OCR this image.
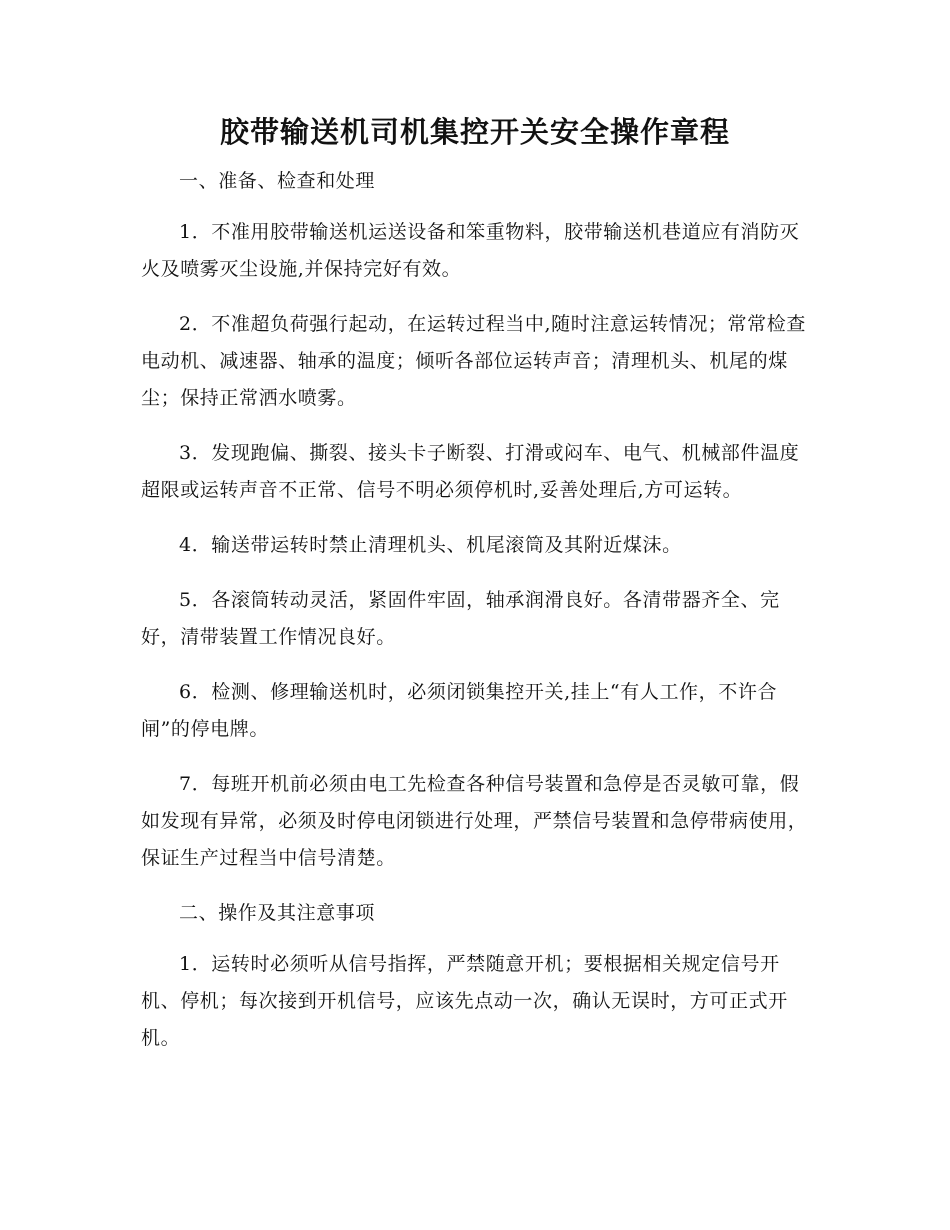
胶带输送机司机集控开关安全操作章程

一、准备、检查和处理

1．不准用胶带输送机运送设备和笨重物料，胶带输送机巷道应有消防灭火及喷雾灭尘设施,并保持完好有效。

2．不准超负荷强行起动，在运转过程当中,随时注意运转情况；常常检查电动机、减速器、轴承的温度；倾听各部位运转声音；清理机头、机尾的煤尘；保持正常洒水喷雾。

3．发现跑偏、撕裂、接头卡子断裂、打滑或闷车、电气、机械部件温度超限或运转声音不正常、信号不明必须停机时,妥善处理后,方可运转。

4．输送带运转时禁止清理机头、机尾滚筒及其附近煤沫。

5．各滚筒转动灵活，紧固件牢固，轴承润滑良好。各清带器齐全、完好，清带装置工作情况良好。

6．检测、修理输送机时，必须闭锁集控开关,挂上“有人工作，不许合闸”的停电牌。

7．每班开机前必须由电工先检查各种信号装置和急停是否灵敏可靠，假如发现有异常，必须及时停电闭锁进行处理，严禁信号装置和急停带病使用，保证生产过程当中信号清楚。

二、操作及其注意事项

1．运转时必须听从信号指挥，严禁随意开机；要根据相关规定信号开机、停机；每次接到开机信号，应该先点动一次，确认无误时，方可正式开机。
